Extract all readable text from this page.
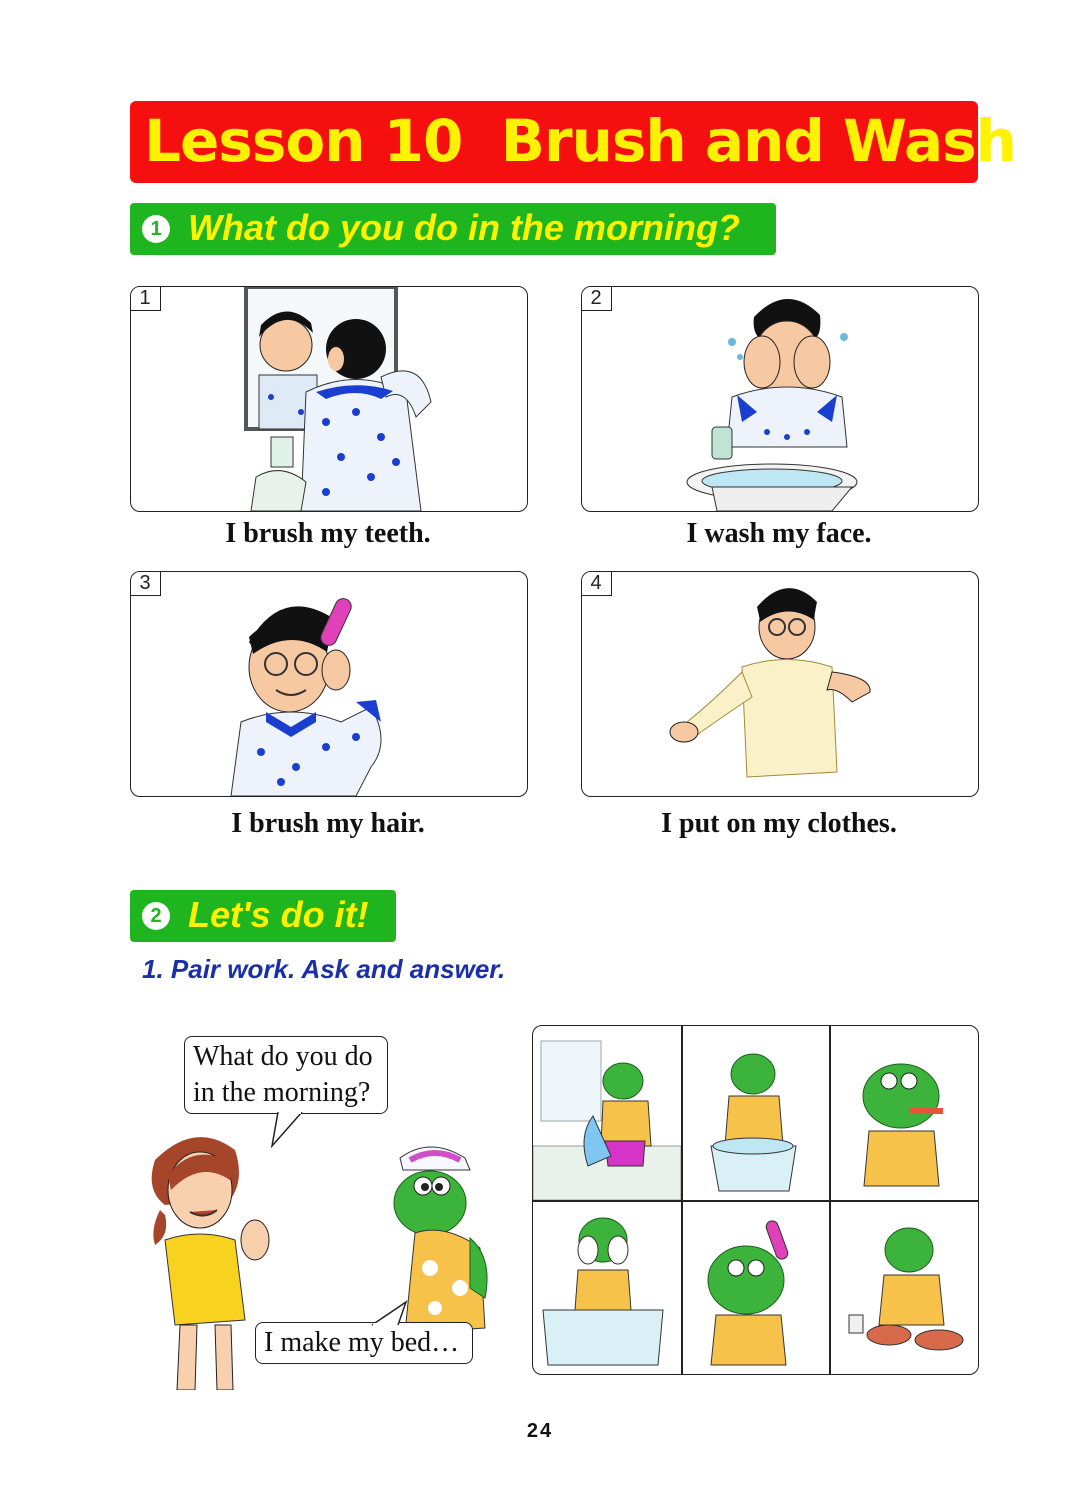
Lesson 10 Brush and Wash
1 What do you do in the morning?
1
I brush my teeth.
2
I wash my face.
3
I brush my hair.
4
I put on my clothes.
2 Let's do it!
1. Pair work. Ask and answer.
What do you do
in the morning?
I make my bed…
24
